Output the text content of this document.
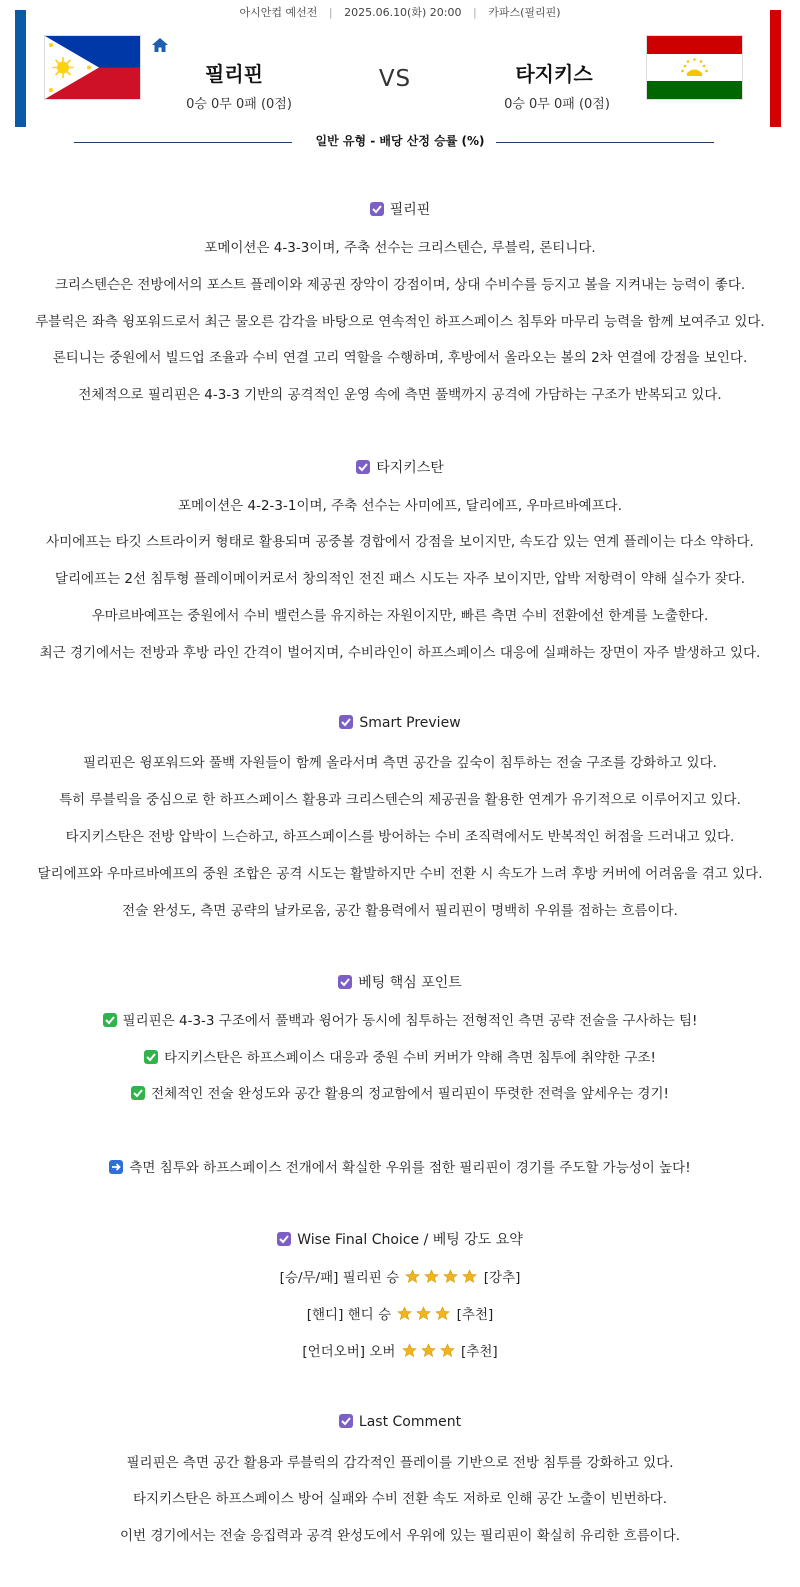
아시안컵 예선전 | 2025.06.10(화) 20:00 | 카파스(필리핀)
필리핀
0승 0무 0패 (0점)
VS	타지키스
0승 0무 0패 (0점)
일반 유형 - 배당 산정 승률 (%)
필리핀
포메이션은 4-3-3이며, 주축 선수는 크리스텐슨, 루블릭, 론티니다.
크리스텐슨은 전방에서의 포스트 플레이와 제공권 장악이 강점이며, 상대 수비수를 등지고 볼을 지켜내는 능력이 좋다.
루블릭은 좌측 윙포워드로서 최근 물오른 감각을 바탕으로 연속적인 하프스페이스 침투와 마무리 능력을 함께 보여주고 있다.
론티니는 중원에서 빌드업 조율과 수비 연결 고리 역할을 수행하며, 후방에서 올라오는 볼의 2차 연결에 강점을 보인다.
전체적으로 필리핀은 4-3-3 기반의 공격적인 운영 속에 측면 풀백까지 공격에 가담하는 구조가 반복되고 있다.
타지키스탄
포메이션은 4-2-3-1이며, 주축 선수는 사미에프, 달리에프, 우마르바예프다.
사미에프는 타깃 스트라이커 형태로 활용되며 공중볼 경합에서 강점을 보이지만, 속도감 있는 연계 플레이는 다소 약하다.
달리에프는 2선 침투형 플레이메이커로서 창의적인 전진 패스 시도는 자주 보이지만, 압박 저항력이 약해 실수가 잦다.
우마르바예프는 중원에서 수비 밸런스를 유지하는 자원이지만, 빠른 측면 수비 전환에선 한계를 노출한다.
최근 경기에서는 전방과 후방 라인 간격이 벌어지며, 수비라인이 하프스페이스 대응에 실패하는 장면이 자주 발생하고 있다.
Smart Preview
필리핀은 윙포워드와 풀백 자원들이 함께 올라서며 측면 공간을 깊숙이 침투하는 전술 구조를 강화하고 있다.
특히 루블릭을 중심으로 한 하프스페이스 활용과 크리스텐슨의 제공권을 활용한 연계가 유기적으로 이루어지고 있다.
타지키스탄은 전방 압박이 느슨하고, 하프스페이스를 방어하는 수비 조직력에서도 반복적인 허점을 드러내고 있다.
달리에프와 우마르바예프의 중원 조합은 공격 시도는 활발하지만 수비 전환 시 속도가 느려 후방 커버에 어려움을 겪고 있다.
전술 완성도, 측면 공략의 날카로움, 공간 활용력에서 필리핀이 명백히 우위를 점하는 흐름이다.
베팅 핵심 포인트
필리핀은 4-3-3 구조에서 풀백과 윙어가 동시에 침투하는 전형적인 측면 공략 전술을 구사하는 팀!
타지키스탄은 하프스페이스 대응과 중원 수비 커버가 약해 측면 침투에 취약한 구조!
전체적인 전술 완성도와 공간 활용의 정교함에서 필리핀이 뚜렷한 전력을 앞세우는 경기!
측면 침투와 하프스페이스 전개에서 확실한 우위를 점한 필리핀이 경기를 주도할 가능성이 높다!
Wise Final Choice / 베팅 강도 요약
[승/무/패] 필리핀 승	[강추]
[핸디] 핸디 승	[추천]
[언더오버] 오버	[추천]
Last Comment
필리핀은 측면 공간 활용과 루블릭의 감각적인 플레이를 기반으로 전방 침투를 강화하고 있다.
타지키스탄은 하프스페이스 방어 실패와 수비 전환 속도 저하로 인해 공간 노출이 빈번하다.
이번 경기에서는 전술 응집력과 공격 완성도에서 우위에 있는 필리핀이 확실히 유리한 흐름이다.
